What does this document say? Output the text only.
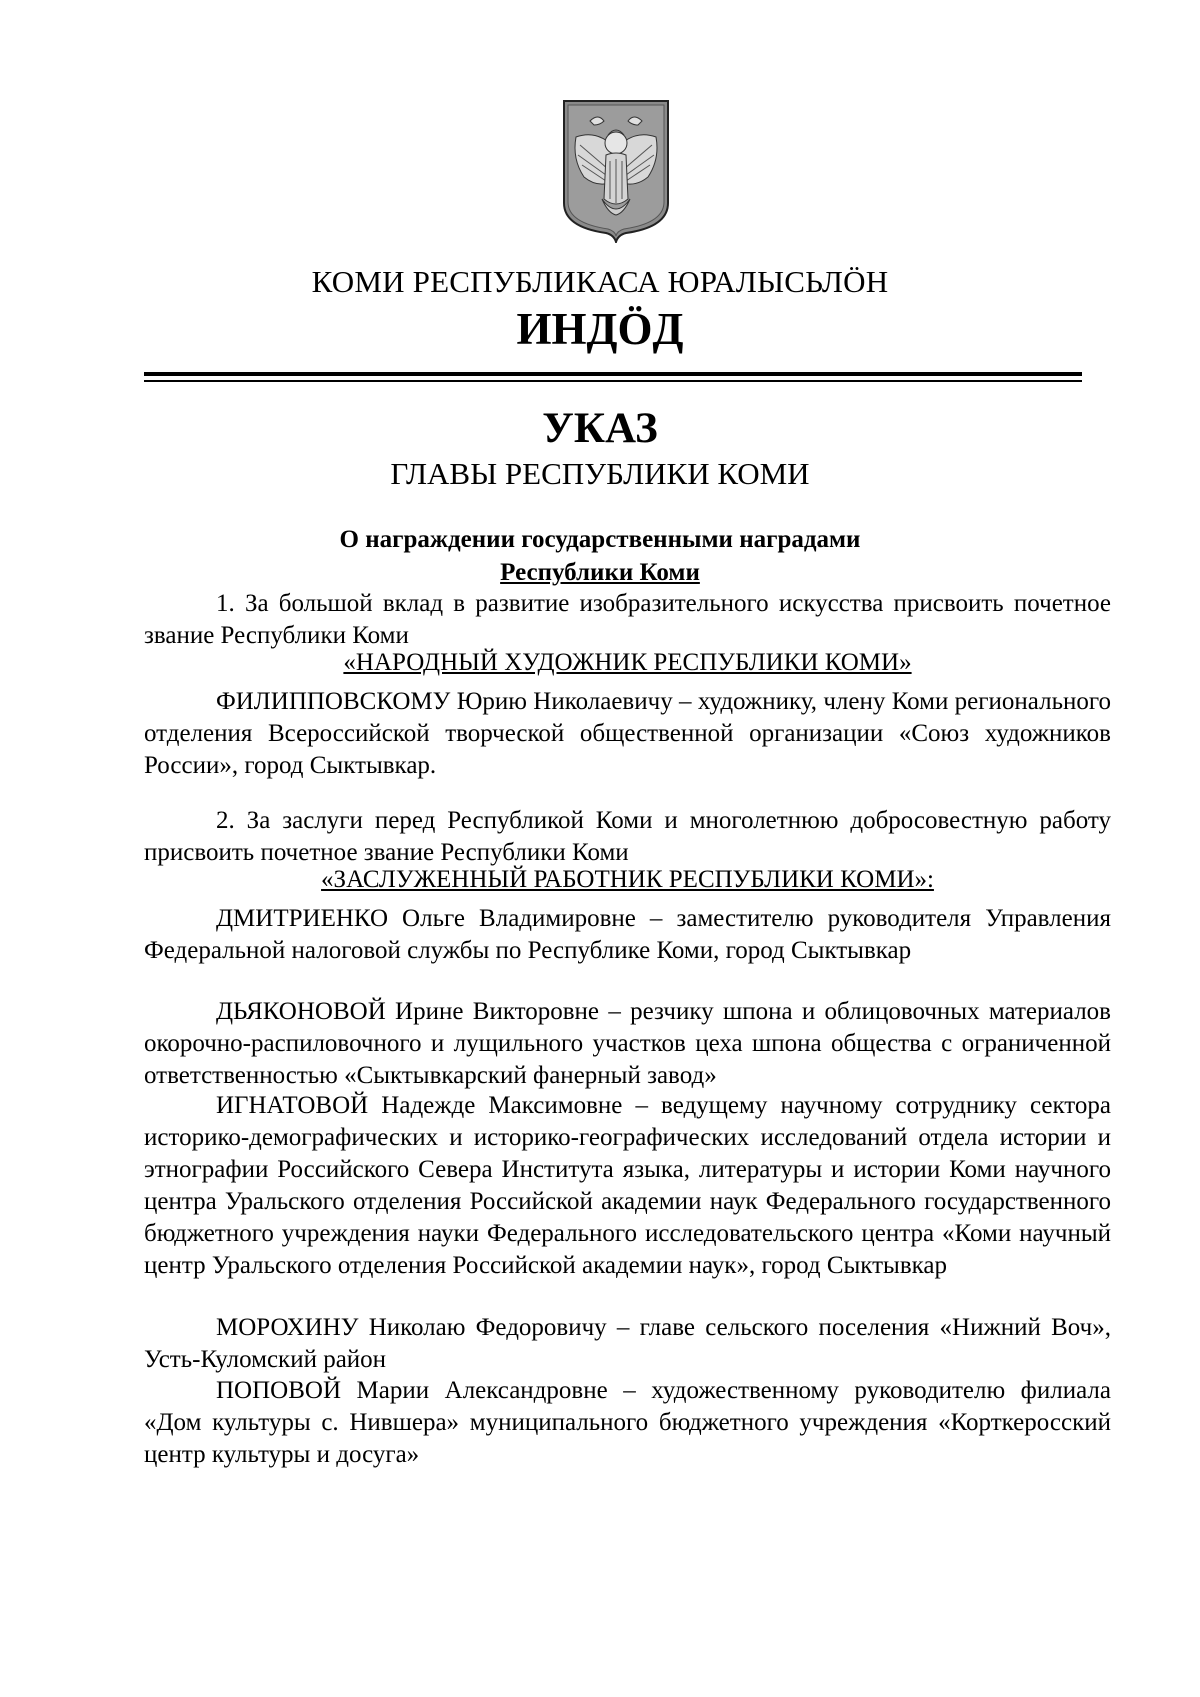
КОМИ РЕСПУБЛИКАСА ЮРАЛЫСЬЛÖН
ИНДÖД
УКАЗ
ГЛАВЫ РЕСПУБЛИКИ КОМИ
О награждении государственными наградами
Республики Коми

1. За большой вклад в развитие изобразительного искусства присвоить почетное звание Республики Коми

«НАРОДНЫЙ ХУДОЖНИК РЕСПУБЛИКИ КОМИ»

ФИЛИППОВСКОМУ Юрию Николаевичу – художнику, члену Коми регионального отделения Всероссийской творческой общественной организации «Союз художников России», город Сыктывкар.

2. За заслуги перед Республикой Коми и многолетнюю добросовестную работу присвоить почетное звание Республики Коми

«ЗАСЛУЖЕННЫЙ РАБОТНИК РЕСПУБЛИКИ КОМИ»:

ДМИТРИЕНКО Ольге Владимировне – заместителю руководителя Управления Федеральной налоговой службы по Республике Коми, город Сыктывкар

ДЬЯКОНОВОЙ Ирине Викторовне – резчику шпона и облицовочных материалов окорочно-распиловочного и лущильного участков цеха шпона общества с ограниченной ответственностью «Сыктывкарский фанерный завод»

ИГНАТОВОЙ Надежде Максимовне – ведущему научному сотруднику сектора историко-демографических и историко-географических исследований отдела истории и этнографии Российского Севера Института языка, литературы и истории Коми научного центра Уральского отделения Российской академии наук Федерального государственного бюджетного учреждения науки Федерального исследовательского центра «Коми научный центр Уральского отделения Российской академии наук», город Сыктывкар

МОРОХИНУ Николаю Федоровичу – главе сельского поселения «Нижний Воч», Усть-Куломский район

ПОПОВОЙ Марии Александровне – художественному руководителю филиала «Дом культуры с. Нившера» муниципального бюджетного учреждения «Корткеросский центр культуры и досуга»
